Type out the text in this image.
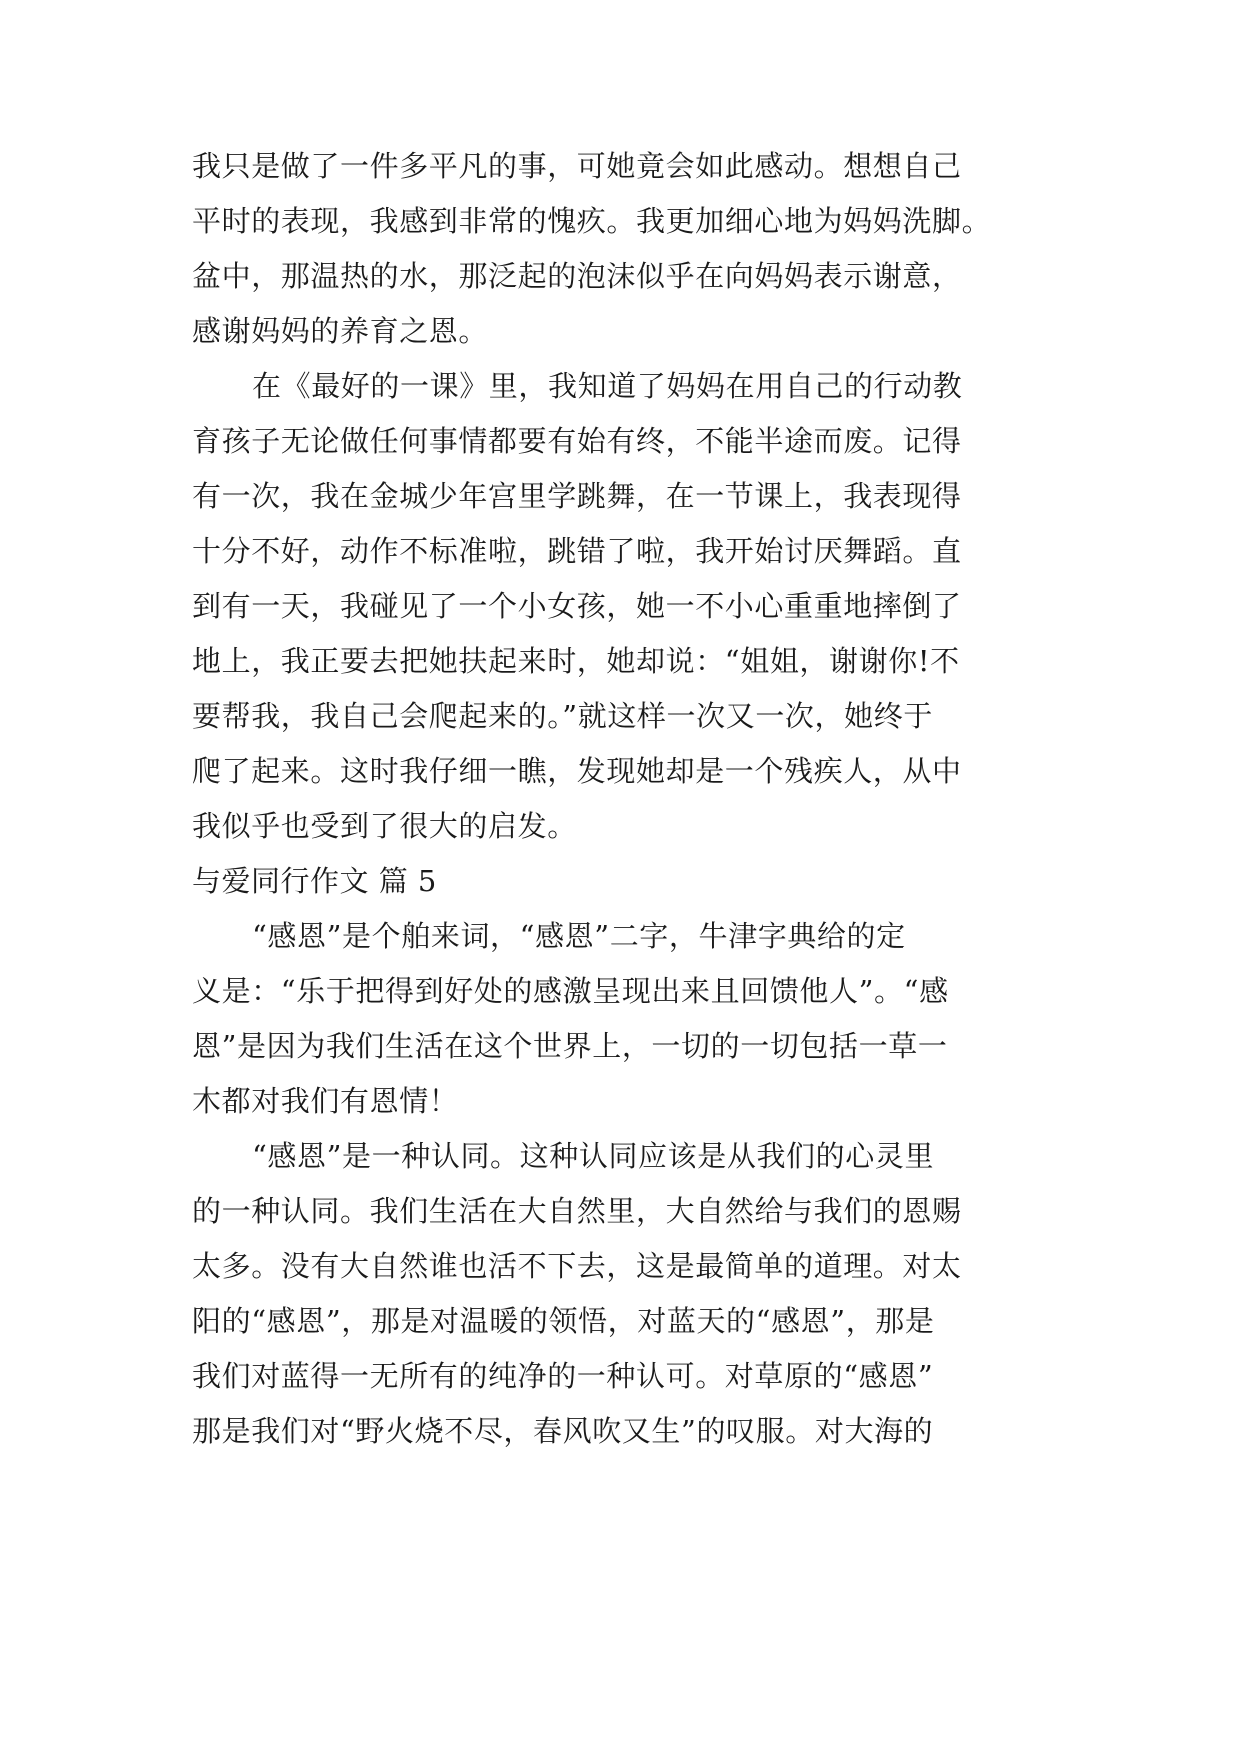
我只是做了一件多平凡的事，可她竟会如此感动。想想自己
平时的表现，我感到非常的愧疚。我更加细心地为妈妈洗脚。
盆中，那温热的水，那泛起的泡沫似乎在向妈妈表示谢意，
感谢妈妈的养育之恩。
在《最好的一课》里，我知道了妈妈在用自己的行动教
育孩子无论做任何事情都要有始有终，不能半途而废。记得
有一次，我在金城少年宫里学跳舞，在一节课上，我表现得
十分不好，动作不标准啦，跳错了啦，我开始讨厌舞蹈。直
到有一天，我碰见了一个小女孩，她一不小心重重地摔倒了
地上，我正要去把她扶起来时，她却说：“姐姐，谢谢你!不
要帮我，我自己会爬起来的。”就这样一次又一次，她终于
爬了起来。这时我仔细一瞧，发现她却是一个残疾人，从中
我似乎也受到了很大的启发。
与爱同行作文 篇 5
“感恩”是个舶来词，“感恩”二字，牛津字典给的定
义是：“乐于把得到好处的感激呈现出来且回馈他人”。“感
恩”是因为我们生活在这个世界上，一切的一切包括一草一
木都对我们有恩情！
“感恩”是一种认同。这种认同应该是从我们的心灵里
的一种认同。我们生活在大自然里，大自然给与我们的恩赐
太多。没有大自然谁也活不下去，这是最简单的道理。对太
阳的“感恩”，那是对温暖的领悟，对蓝天的“感恩”，那是
我们对蓝得一无所有的纯净的一种认可。对草原的“感恩”
那是我们对“野火烧不尽，春风吹又生”的叹服。对大海的
